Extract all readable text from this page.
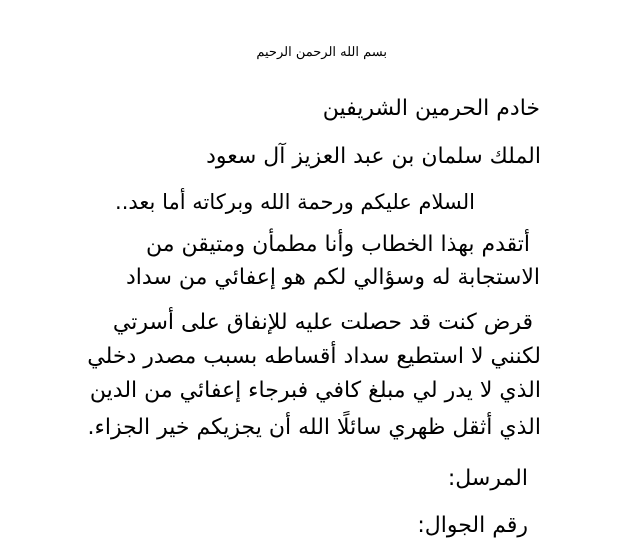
بسم الله الرحمن الرحيم
خادم الحرمين الشريفين
الملك سلمان بن عبد العزيز آل سعود
السلام عليكم ورحمة الله وبركاته أما بعد..
أتقدم بهذا الخطاب وأنا مطمأن ومتيقن من
الاستجابة له وسؤالي لكم هو إعفائي من سداد
قرض كنت قد حصلت عليه للإنفاق على أسرتي
لكنني لا استطيع سداد أقساطه بسبب مصدر دخلي
الذي لا يدر لي مبلغ كافي فبرجاء إعفائي من الدين
الذي أثقل ظهري سائلًا الله أن يجزيكم خير الجزاء.
المرسل:
رقم الجوال:
